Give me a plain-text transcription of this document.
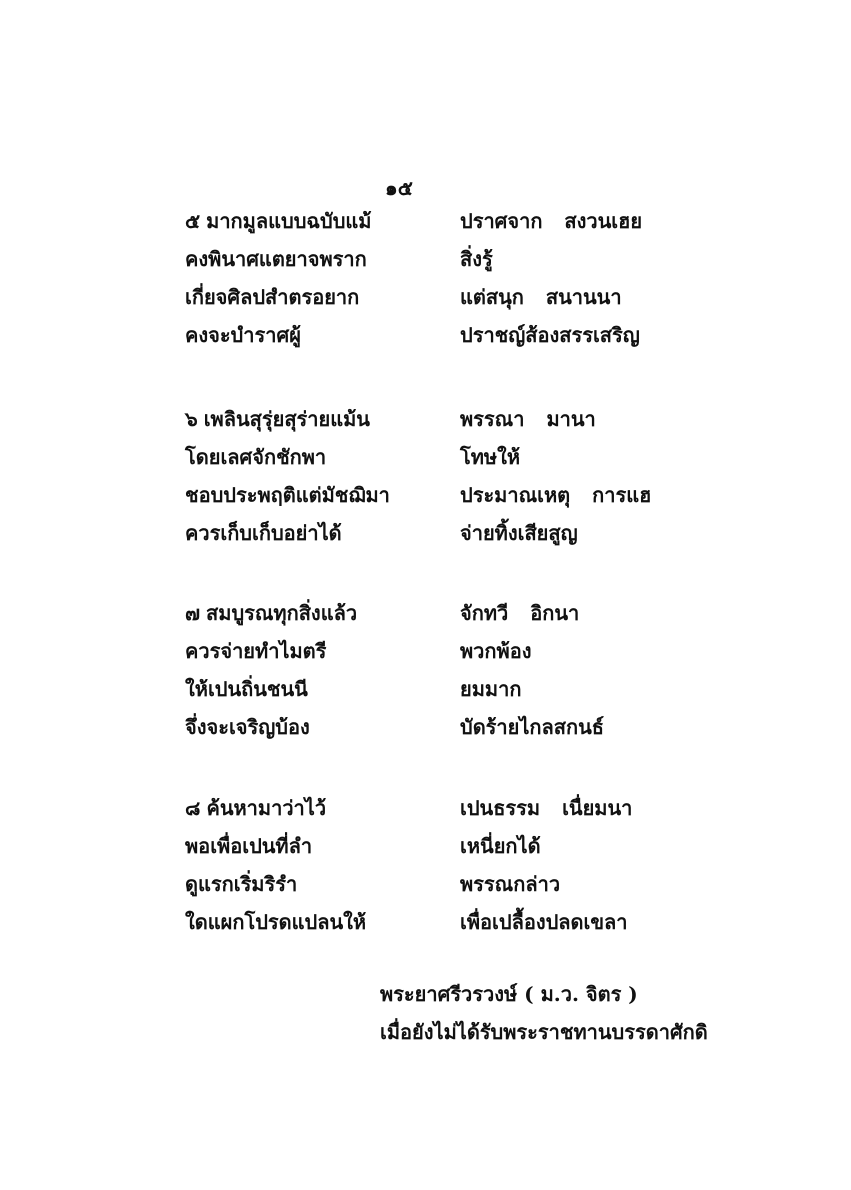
๑๕
๕ มากมูลแบบฉบับแม้	ปราศจาก สงวนเฮย
คงพินาศแตยาจพราก	สิ่งรู้
เกี่ยจศิลปสำตรอยาก	แต่สนุก สนานนา
คงจะบำราศผู้	ปราชญ์ส้องสรรเสริญ
๖ เพลินสุรุ่ยสุร่ายแม้น	พรรณา มานา
โดยเลศจักชักพา	โทษให้
ชอบประพฤติแต่มัชฌิมา	ประมาณเหตุ การแฮ
ควรเก็บเก็บอย่าได้	จ่ายทิ้งเสียสูญ
๗ สมบูรณทุกสิ่งแล้ว	จักทวี อิกนา
ควรจ่ายทำไมตรี	พวกพ้อง
ให้เปนถิ่นชนนี	ยมมาก
จึ่งจะเจริญบ้อง	บัดร้ายไกลสกนธ์
๘ ค้นหามาว่าไว้	เปนธรรม เนื่ยมนา
พอเพื่อเปนที่ลำ	เหนี่ยกได้
ดูแรกเริ่มริรำ	พรรณกล่าว
ใดแผกโปรดแปลนให้	เพื่อเปลื้องปลดเขลา
พระยาศรีวรวงษ์ ( ม.ว. จิตร )
เมื่อยังไม่ได้รับพระราชทานบรรดาศักดิ
